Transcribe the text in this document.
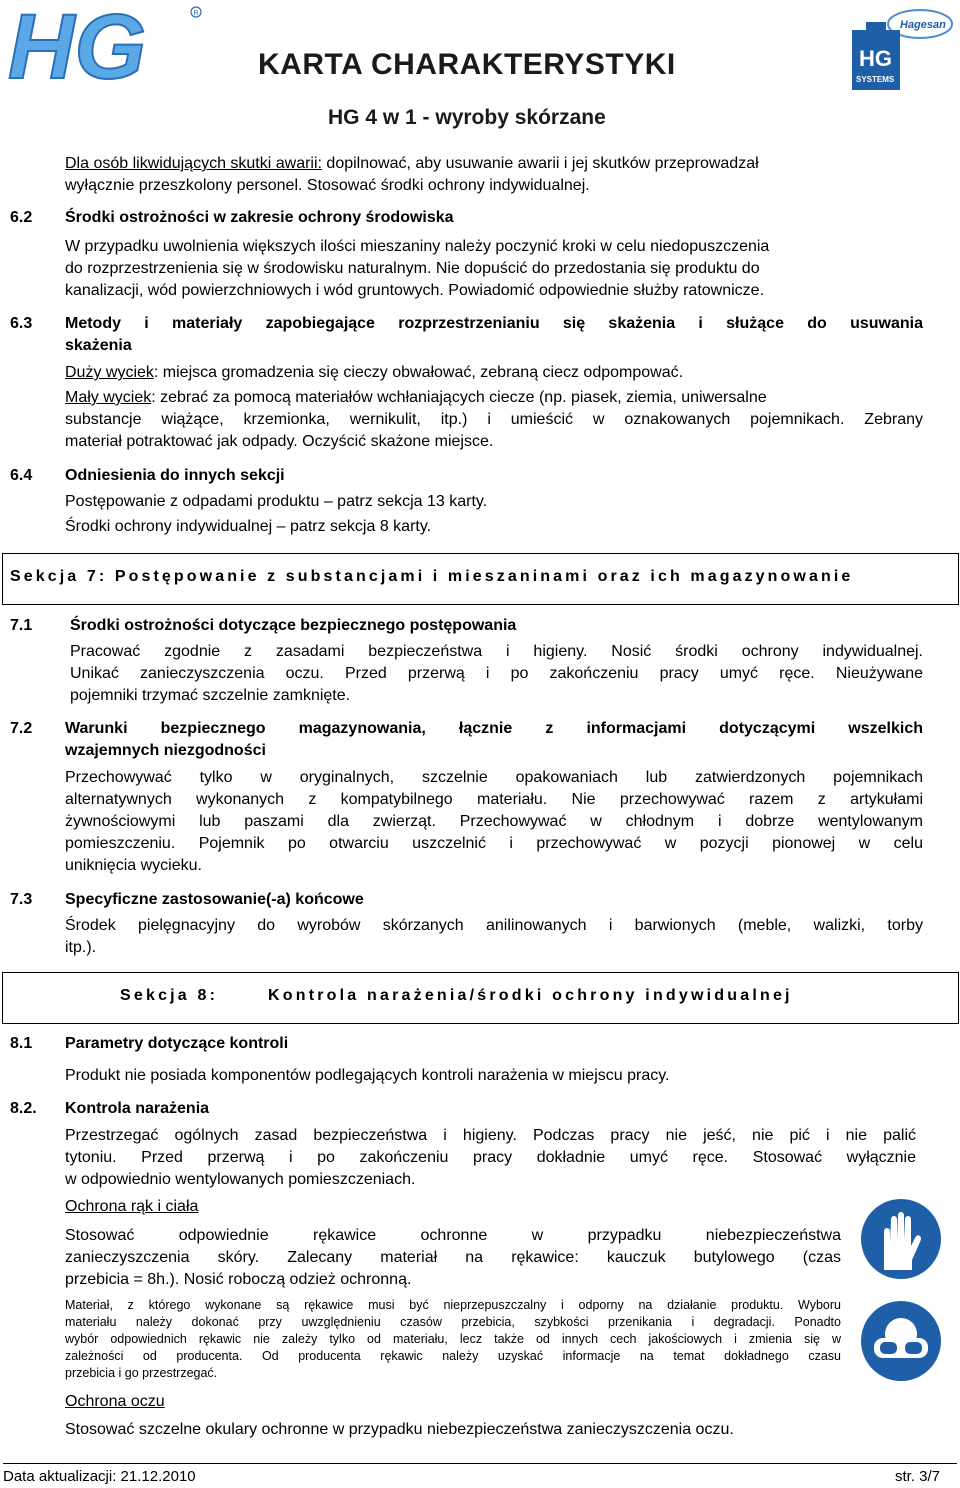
HG	R
KARTA CHARAKTERYSTYKI
HG 4 w 1 - wyroby skórzane
Hagesan
HG
SYSTEMS
Dla osób likwidujących skutki awarii: dopilnować, aby usuwanie awarii i jej skutków przeprowadzał
wyłącznie przeszkolony personel. Stosować środki ochrony indywidualnej.
6.2 Środki ostrożności w zakresie ochrony środowiska
W przypadku uwolnienia większych ilości mieszaniny należy poczynić kroki w celu niedopuszczenia
do rozprzestrzenienia się w środowisku naturalnym. Nie dopuścić do przedostania się produktu do
kanalizacji, wód powierzchniowych i wód gruntowych. Powiadomić odpowiednie służby ratownicze.
6.3 Metody i materiały zapobiegające rozprzestrzenianiu się skażenia i służące do usuwania
skażenia
Duży wyciek: miejsca gromadzenia się cieczy obwałować, zebraną ciecz odpompować.
Mały wyciek: zebrać za pomocą materiałów wchłaniających ciecze (np. piasek, ziemia, uniwersalne
substancje wiążące, krzemionka, wernikulit, itp.) i umieścić w oznakowanych pojemnikach. Zebrany
materiał potraktować jak odpady. Oczyścić skażone miejsce.
6.4 Odniesienia do innych sekcji
Postępowanie z odpadami produktu – patrz sekcja 13 karty.
Środki ochrony indywidualnej – patrz sekcja 8 karty.
Sekcja 7: Postępowanie z substancjami i mieszaninami oraz ich magazynowanie
7.1 Środki ostrożności dotyczące bezpiecznego postępowania
Pracować zgodnie z zasadami bezpieczeństwa i higieny. Nosić środki ochrony indywidualnej.
Unikać zanieczyszczenia oczu. Przed przerwą i po zakończeniu pracy umyć ręce. Nieużywane
pojemniki trzymać szczelnie zamknięte.
7.2 Warunki bezpiecznego magazynowania, łącznie z informacjami dotyczącymi wszelkich
wzajemnych niezgodności
Przechowywać tylko w oryginalnych, szczelnie opakowaniach lub zatwierdzonych pojemnikach
alternatywnych wykonanych z kompatybilnego materiału. Nie przechowywać razem z artykułami
żywnościowymi lub paszami dla zwierząt. Przechowywać w chłodnym i dobrze wentylowanym
pomieszczeniu. Pojemnik po otwarciu uszczelnić i przechowywać w pozycji pionowej w celu
uniknięcia wycieku.
7.3 Specyficzne zastosowanie(-a) końcowe
Środek pielęgnacyjny do wyrobów skórzanych anilinowanych i barwionych (meble, walizki, torby
itp.).
Sekcja 8:	Kontrola narażenia/środki ochrony indywidualnej
8.1 Parametry dotyczące kontroli
Produkt nie posiada komponentów podlegających kontroli narażenia w miejscu pracy.
8.2. Kontrola narażenia
Przestrzegać ogólnych zasad bezpieczeństwa i higieny. Podczas pracy nie jeść, nie pić i nie palić
tytoniu. Przed przerwą i po zakończeniu pracy dokładnie umyć ręce. Stosować wyłącznie
w odpowiednio wentylowanych pomieszczeniach.
Ochrona rąk i ciała
Stosować odpowiednie rękawice ochronne w przypadku niebezpieczeństwa
zanieczyszczenia skóry. Zalecany materiał na rękawice: kauczuk butylowego (czas
przebicia = 8h.). Nosić roboczą odzież ochronną.
Materiał, z którego wykonane są rękawice musi być nieprzepuszczalny i odporny na działanie produktu. Wyboru
materiału należy dokonać przy uwzględnieniu czasów przebicia, szybkości przenikania i degradacji. Ponadto
wybór odpowiednich rękawic nie zależy tylko od materiału, lecz także od innych cech jakościowych i zmienia się w
zależności od producenta. Od producenta rękawic należy uzyskać informacje na temat dokładnego czasu
przebicia i go przestrzegać.
Ochrona oczu
Stosować szczelne okulary ochronne w przypadku niebezpieczeństwa zanieczyszczenia oczu.
Data aktualizacji: 21.12.2010	str. 3/7
